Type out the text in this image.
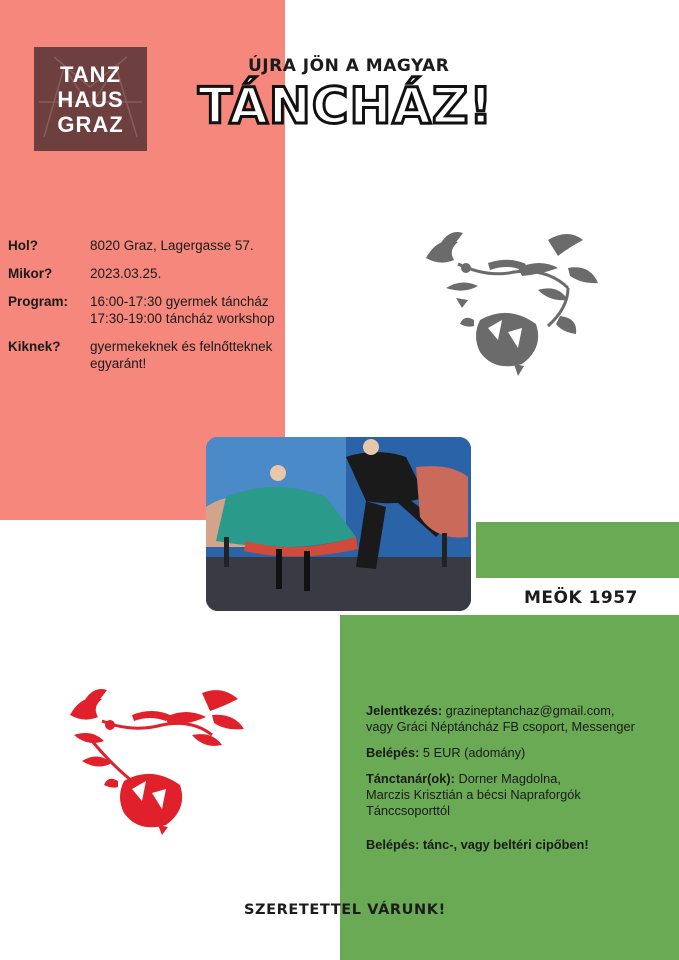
TANZ
HAUS
GRAZ
ÚJRA JÖN A MAGYAR
TÁNCHÁZ!
Hol?	8020 Graz, Lagergasse 57.
Mikor?	2023.03.25.
Program:	16:00-17:30 gyermek táncház
17:30-19:00 táncház workshop
Kiknek?	gyermekeknek és felnőtteknek
egyaránt!
MEÖK 1957
Jelentkezés: grazineptanchaz@gmail.com,
vagy Gráci Néptáncház FB csoport, Messenger
Belépés: 5 EUR (adomány)
Tánctanár(ok): Dorner Magdolna,
Marczis Krisztián a bécsi Napraforgók
Tánccsoporttól
Belépés: tánc-, vagy beltéri cipőben!
SZERETETTEL VÁRUNK!
